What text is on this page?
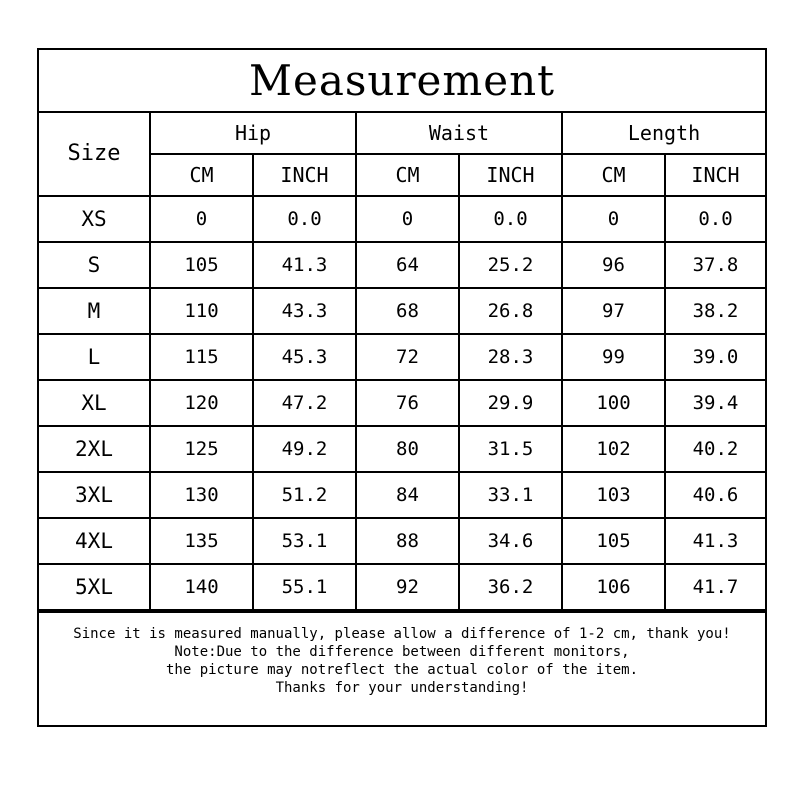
Measurement
Size	Hip		Waist		Length	
	CM	INCH	CM	INCH	CM	INCH
XS	0	0.0	0	0.0	0	0.0
S	105	41.3	64	25.2	96	37.8
M	110	43.3	68	26.8	97	38.2
L	115	45.3	72	28.3	99	39.0
XL	120	47.2	76	29.9	100	39.4
2XL	125	49.2	80	31.5	102	40.2
3XL	130	51.2	84	33.1	103	40.6
4XL	135	53.1	88	34.6	105	41.3
5XL	140	55.1	92	36.2	106	41.7
Since it is measured manually, please allow a difference of 1-2 cm, thank you!
Note:Due to the difference between different monitors,
the picture may notreflect the actual color of the item.
Thanks for your understanding!
